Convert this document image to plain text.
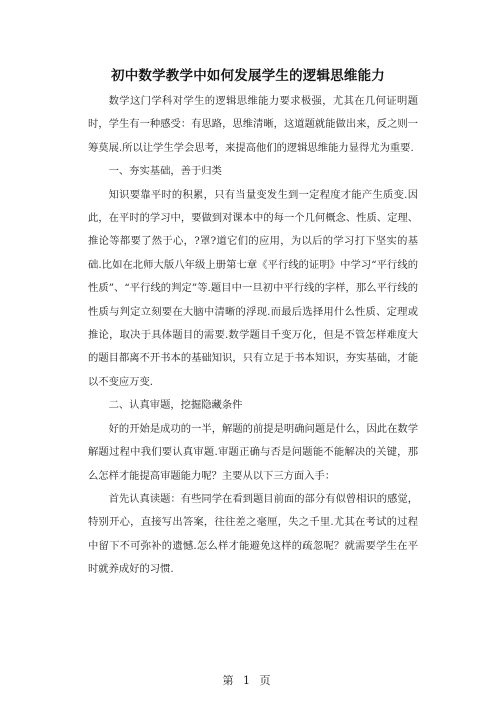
初中数学教学中如何发展学生的逻辑思维能力

数学这门学科对学生的逻辑思维能力要求极强，尤其在几何证明题时，学生有一种感受：有思路，思维清晰，这道题就能做出来，反之则一筹莫展.所以让学生学会思考，来提高他们的逻辑思维能力显得尤为重要.

一、夯实基础，善于归类

知识要靠平时的积累，只有当量变发生到一定程度才能产生质变.因此，在平时的学习中，要做到对课本中的每一个几何概念、性质、定理、推论等都要了然于心，?罩?道它们的应用，为以后的学习打下坚实的基础.比如在北师大版八年级上册第七章《平行线的证明》中学习“平行线的性质”、“平行线的判定”等.题目中一旦初中平行线的字样，那么平行线的性质与判定立刻要在大脑中清晰的浮现.而最后选择用什么性质、定理或推论，取决于具体题目的需要.数学题目千变万化，但是不管怎样难度大的题目都离不开书本的基础知识，只有立足于书本知识，夯实基础，才能以不变应万变.

二、认真审题，挖掘隐藏条件

好的开始是成功的一半，解题的前提是明确问题是什么，因此在数学解题过程中我们要认真审题.审题正确与否是问题能不能解决的关键，那么怎样才能提高审题能力呢？主要从以下三方面入手：

首先认真读题：有些同学在看到题目前面的部分有似曾相识的感觉，特别开心，直接写出答案，往往差之毫厘，失之千里.尤其在考试的过程中留下不可弥补的遗憾.怎么样才能避免这样的疏忽呢？就需要学生在平时就养成好的习惯.

第 1 页
